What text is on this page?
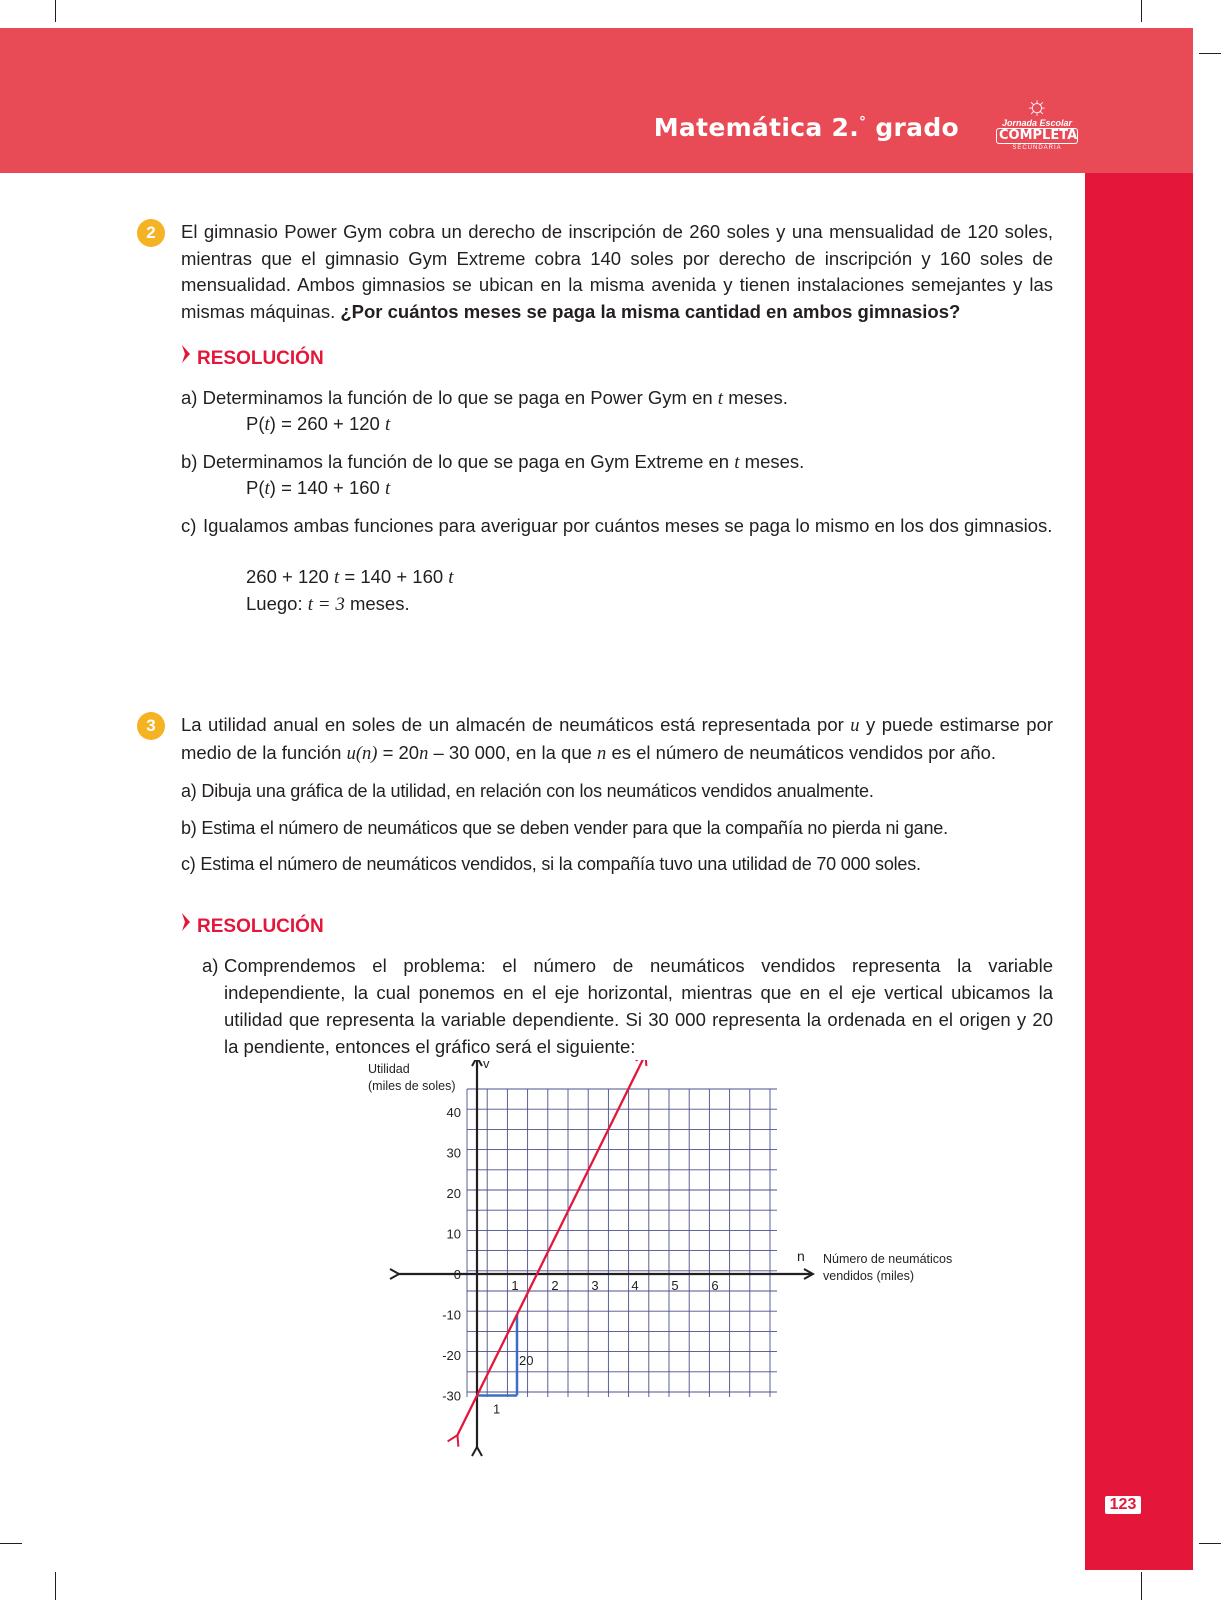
Matemática 2.° grado
☼
Jornada Escolar
COMPLETA
SECUNDARIA
123
2	El gimnasio Power Gym cobra un derecho de inscripción de 260 soles y una mensualidad de 120 soles, mientras que el gimnasio Gym Extreme cobra 140 soles por derecho de inscripción y 160 soles de mensualidad. Ambos gimnasios se ubican en la misma avenida y tienen instalaciones semejantes y las mismas máquinas. ¿Por cuántos meses se paga la misma cantidad en ambos gimnasios?
RESOLUCIÓN
a) Determinamos la función de lo que se paga en Power Gym en t meses.
P(t) = 260 + 120 t
b) Determinamos la función de lo que se paga en Gym Extreme en t meses.
P(t) = 140 + 160 t
c) Igualamos ambas funciones para averiguar por cuántos meses se paga lo mismo en los dos gimnasios.
260 + 120 t = 140 + 160 t
Luego: t = 3 meses.
3	La utilidad anual en soles de un almacén de neumáticos está representada por u y puede estimarse por medio de la función u(n) = 20n – 30 000, en la que n es el número de neumáticos vendidos por año.
a) Dibuja una gráfica de la utilidad, en relación con los neumáticos vendidos anualmente.
b) Estima el número de neumáticos que se deben vender para que la compañía no pierda ni gane.
c) Estima el número de neumáticos vendidos, si la compañía tuvo una utilidad de 70 000 soles.
RESOLUCIÓN
a) Comprendemos el problema: el número de neumáticos vendidos representa la variable independiente, la cual ponemos en el eje horizontal, mientras que en el eje vertical ubicamos la utilidad que representa la variable dependiente. Si 30 000 representa la ordenada en el origen y 20 la pendiente, entonces el gráfico será el siguiente:
40
30
20
10
0
-10
-20
-30
1	2	3	4	5	6
Utilidad
(miles de soles)
v
n Número de neumáticos
vendidos (miles)
1
20
